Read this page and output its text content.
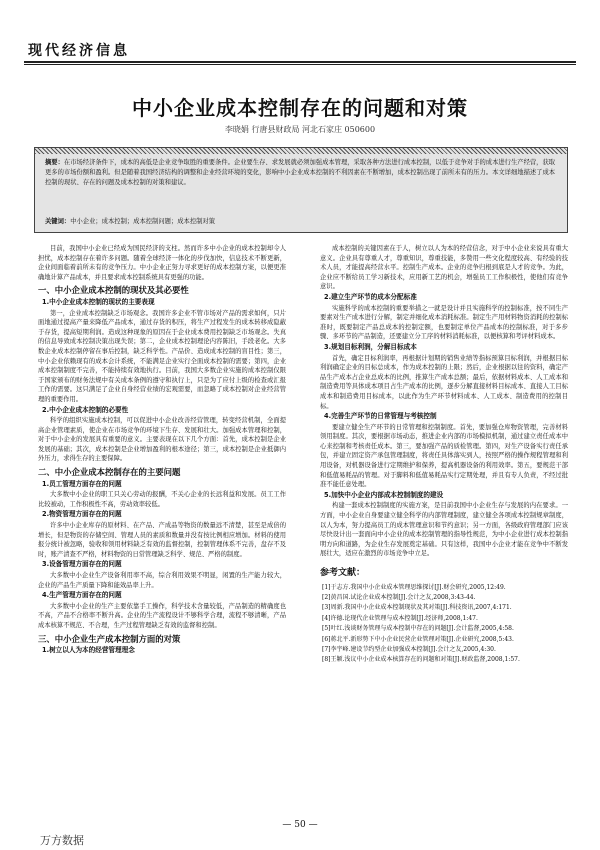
现代经济信息
中小企业成本控制存在的问题和对策
李晓娟 行唐县财政局 河北石家庄 050600
摘要：在市场经济条件下，成本的高低是企业竞争取胜的重要条件。企业要生存、求发展就必须加强成本管理，采取各种方法进行成本控制，以低于竞争对手的成本进行生产经营，获取更多的市场份额和盈利。但是随着我国经济结构的调整和企业经营环境的变化，影响中小企业成本控制的不利因素在不断增加，成本控制出现了前所未有的压力。本文详细地描述了成本控制的现状、存在的问题及成本控制的对策和建议。
关键词：中小企业；成本控制；成本控制问题；成本控制对策

目前，我国中小企业已经成为国民经济的支柱。然而许多中小企业的成本控制却令人担忧，成本控制存在着许多问题。随着全球经济一体化的步伐加快，信息技术不断更新，企业间面临着前所未有的竞争压力。中小企业正努力寻求更好的成本控制方案，以便更准确地计算产品成本，并且要求成本控制系统具有更强的功能。

一、中小企业成本控制的现状及其必要性
1.中小企业成本控制的现状的主要表现

第一，企业成本控制缺乏市场观念。我国许多企业不管市场对产品的需求如何，只片面地通过提高产量来降低产品成本，通过存货的积压，将生产过程发生的成本转移成隐蔽于存货，提高短期利润。造成这种现象的原因在于企业成本费用控制缺乏市场观念。失真的信息导致成本控制决策出现失误；第二，企业成本控制理论内容陈旧，手段老化。大多数企业成本控制停留在事后控制，缺乏科学性。产品价、造成成本控制的盲目性；第三，中小企业依赖现有的成本会计系统，不能满足企业实行全面成本控制的需要；第四，企业成本控制制度不完善，不能持续有效地执行。目前，我国大多数企业实施的成本控制仅限于国家颁布的财务法规中有关成本条例的遵守和执行上，只是为了应付上级的检查或汇报工作的需要。这只满足了企业自身经营业绩的宏观需要，而忽略了成本控制对企业经营管理的重要作用。

2.中小企业成本控制的必要性

科学的组织实施成本控制，可以促进中小企业改善经营管理，转变经营机制，全面提高企业管理素质，使企业在市场竞争的环境下生存、发展和壮大。加强成本管理和控制，对于中小企业的发展具有重要的意义。主要表现在以下几个方面：首先，成本控制是企业发展的基础；其次，成本控制是企业增加盈利的根本途径；第三，成本控制是企业抵御内外压力，求得生存的主要保障。

二、中小企业成本控制存在的主要问题
1.员工管理方面存在的问题

大多数中小企业的职工只关心劳动的报酬，不关心企业的长远利益和发展。员工工作比较被动，工作积极性不高，劳动效率较低。

2.物资管理方面存在的问题

许多中小企业库存的原材料、在产品、产成品等物资的数量远不清楚，甚至是成倍的增长，但是物资的存储空间、管理人员的素质和数量并没有按比例相应增加。材料的使用报分统计被忽略，验收和领用材料缺乏有效的监督控制，控制管理体系不完善，盘存不及时，账产清查不严格，材料物资的日常管理缺乏科学、规范、严格的制度。

3.设备管理方面存在的问题

大多数中小企业生产设备利用率不高，综合利用效果不明显，闲置的生产能力较大，企业的产品生产质量下降和能效品率上升。

4.生产管理方面存在的问题

大多数中小企业的生产主要依靠手工操作，科学技术含量较低，产品制造的精确度也不高，产品不合格率不断升高。企业的生产流程设计不够科学合理，流程不够清晰，产品成本核算不规范、不合理，生产过程管理缺乏有效的监督和控制。

三、中小企业生产成本控制方面的对策
1.树立以人为本的经营管理理念

成本控制的关键因素在于人，树立以人为本的经营信念，对于中小企业来说具有重大意义。企业具有尊重人才，尊重知识，尊重技能，多赞用一些文化程度较高、有经验的技术人员，才能提高经营水平。控制生产成本。企业的竞争归根到底是人才的竞争。为此，企业应不断给员工学习新技术，应用新工艺的机会，增强员工工作积极性，使他们有竞争意识。

2.建立生产环节的成本分配标准

实施科学的成本控制的重要举措之一就是设计并且实施科学的控制标准，按不同生产要素对生产成本进行分解，制定并细化成本消耗标准。制定生产用材料物资消耗的控制标准时，既要制定产品总成本的控制定额，也要制定单位产品成本的控制标准，对于多步骤、多环节的产品制造，还要建立分工序的材料消耗标准，以便核算和考评材料成本。

3.规划目标利润，分解目标成本

首先，确定目标利润率，再根据计划期的销售业绩等指标预算目标利润，并根据目标利润确定企业的目标总成本，作为成本控制的上限；然后，企业根据以往的资料，确定产品生产成本占企业总成本的比例，推算生产成本总额；最后，依据材料成本、人工成本和制造费用等具体成本项目占生产成本的比例，逐步分解直接材料目标成本、直接人工目标成本和制造费用目标成本，以此作为生产环节材料成本、人工成本、制造费用的控制目标。

4.完善生产环节的日常管理与考核控制

要建立健全生产环节的日常管理和控制制度。首先，要加强仓库物资管理，完善材料领用制度。其次，要根据市场动态，推进企业内部的市场模拟机制，通过建立责任成本中心来控制和考核责任成本。第三，要加强产品的质检管理。第四，对生产设备实行责任承包，并建立固定资产承包管理制度，将责任具体落实到人，按照严格的操作规程管理和利用设备，对机器设备进行定期维护和保养，提高机器设备的利用效率。第五，要规范干部和低值易耗品的管理。对于脚料和低值易耗品实行定期处理，并且有专人负责，不经过批准不能任意处理。

5.加快中小企业内部成本控制制度的建设

构建一套成本控制制度的实施方案，是目前我国中小企业生存与发展的内在要求。一方面，中小企业自身要建立健全科学的内部管理制度，建立健全各项成本控制规章制度，以人为本，努力提高员工的成本管理意识和节约意识；另一方面，各级政府管理部门应该尽快设计出一套面向中小企业的成本控制管理的指导性规范，为中小企业进行成本控制指明方向和道路，为企业生存发展奠定基础。只有这样，我国中小企业才能在竞争中不断发展壮大，适应在激烈的市场竞争中立足。

参考文献：
[1]于志方.我国中小企业成本管理思维探讨[J].财会研究,2005,12:49.
[2]黄昌国.试论企业成本控制[J].会计之友,2008,3:43-44.
[3]周新.我国中小企业成本控制现状及其对策[J].科技资讯,2007,4:171.
[4]许德.论现代企业管理与成本控制[J].经济师,2008,1:47.
[5]叶红.浅谈财务管理与成本控制中存在的问题[J].会计监督,2005,4:58.
[6]蒋北平.新形势下中小企业民营企业管理对策[J].企业研究,2008,5:43.
[7]李宇峰.建设节约型企业加强成本控制[J].会计之友,2005,4:30.
[8]王颖.浅议中小企业成本核算存在的问题和对策[J].财政监督,2008,1:57.
— 50 —
万方数据
